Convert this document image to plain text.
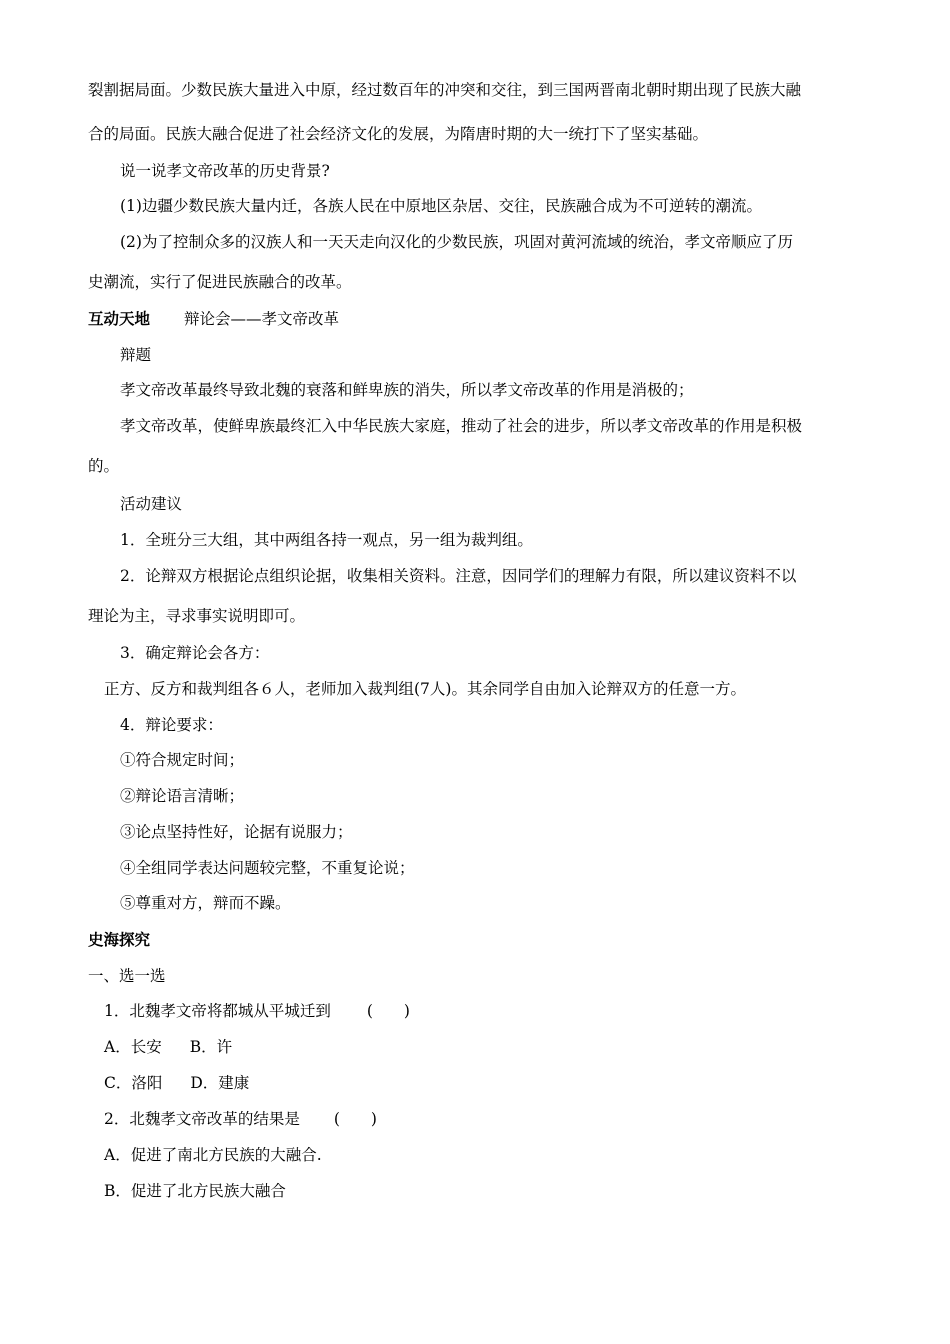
裂割据局面。少数民族大量进入中原，经过数百年的冲突和交往，到三国两晋南北朝时期出现了民族大融
合的局面。民族大融合促进了社会经济文化的发展，为隋唐时期的大一统打下了坚实基础。
说一说孝文帝改革的历史背景?
(1)边疆少数民族大量内迁，各族人民在中原地区杂居、交往，民族融合成为不可逆转的潮流。
(2)为了控制众多的汉族人和一天天走向汉化的少数民族，巩固对黄河流域的统治，孝文帝顺应了历
史潮流，实行了促进民族融合的改革。
互动天地 辩论会——孝文帝改革
辩题
孝文帝改革最终导致北魏的衰落和鲜卑族的消失，所以孝文帝改革的作用是消极的；
孝文帝改革，使鲜卑族最终汇入中华民族大家庭，推动了社会的进步，所以孝文帝改革的作用是积极
的。
活动建议
1．全班分三大组，其中两组各持一观点，另一组为裁判组。
2．论辩双方根据论点组织论据，收集相关资料。注意，因同学们的理解力有限，所以建议资料不以
理论为主，寻求事实说明即可。
3．确定辩论会各方：
正方、反方和裁判组各６人，老师加入裁判组(7人)。其余同学自由加入论辩双方的任意一方。
4．辩论要求：
①符合规定时间；
②辩论语言清晰；
③论点坚持性好，论据有说服力；
④全组同学表达问题较完整，不重复论说；
⑤尊重对方，辩而不躁。
史海探究
一、选一选
1．北魏孝文帝将都城从平城迁到 (　　)
A．长安 B．许
C．洛阳 D．建康
2．北魏孝文帝改革的结果是 (　　)
A．促进了南北方民族的大融合.
B．促进了北方民族大融合
